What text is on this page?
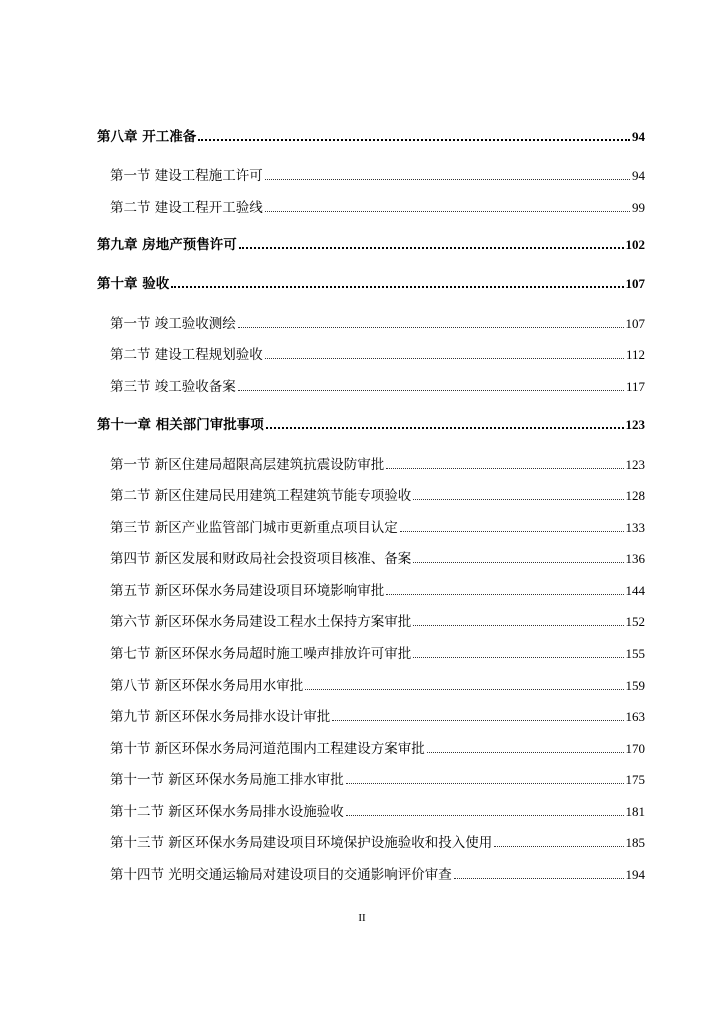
第八章 开工准备	94
第一节 建设工程施工许可	94
第二节 建设工程开工验线	99
第九章 房地产预售许可	102
第十章 验收	107
第一节 竣工验收测绘	107
第二节 建设工程规划验收	112
第三节 竣工验收备案	117
第十一章 相关部门审批事项	123
第一节 新区住建局超限高层建筑抗震设防审批	123
第二节 新区住建局民用建筑工程建筑节能专项验收	128
第三节 新区产业监管部门城市更新重点项目认定	133
第四节 新区发展和财政局社会投资项目核准、备案	136
第五节 新区环保水务局建设项目环境影响审批	144
第六节 新区环保水务局建设工程水土保持方案审批	152
第七节 新区环保水务局超时施工噪声排放许可审批	155
第八节 新区环保水务局用水审批	159
第九节 新区环保水务局排水设计审批	163
第十节 新区环保水务局河道范围内工程建设方案审批	170
第十一节 新区环保水务局施工排水审批	175
第十二节 新区环保水务局排水设施验收	181
第十三节 新区环保水务局建设项目环境保护设施验收和投入使用	185
第十四节 光明交通运输局对建设项目的交通影响评价审查	194
II
